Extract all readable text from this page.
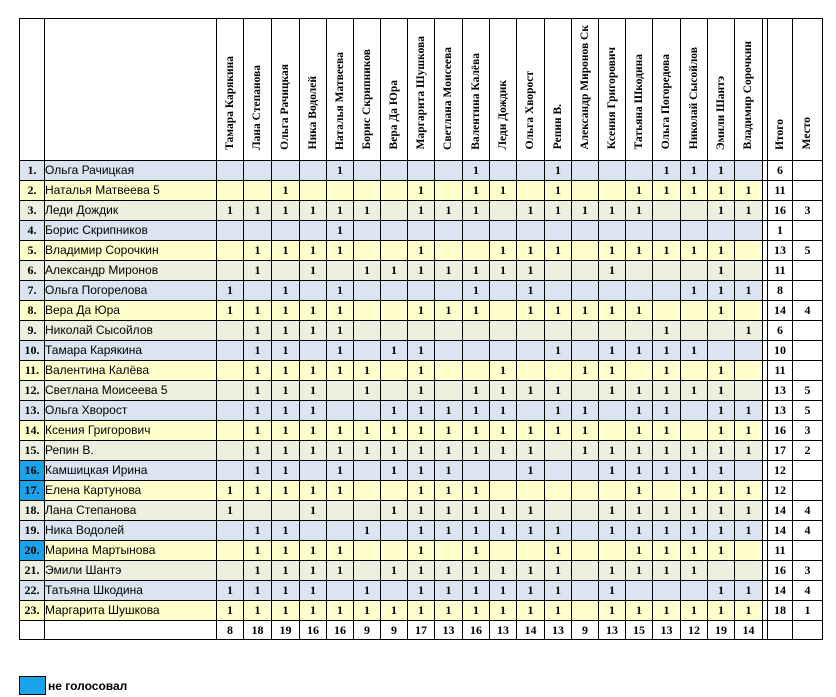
		Тамара Карякина	Лана Степанова	Ольга Рачицкая	Ника Водолей	Наталья Матвеева	Борис Скрипников	Вера Да Юра	Маргарита Шушкова	Светлана Моисеева	Валентина Калёва	Леди Дождик	Ольга Хворост	Репин В.	Александр Миронов Ск	Ксения Григорович	Татьяна Шкодина	Ольга Погоредова	Николай Сысойлов	Эмили Шантэ	Владимир Сорочкин		Итого	Место
1.	Ольга Рачицкая					1					1			1				1	1	1			6	
2.	Наталья Матвеева 5			1					1		1	1		1			1	1	1	1	1		11	
3.	Леди Дождик	1	1	1	1	1	1		1	1	1		1	1	1	1	1			1	1		16	3
4.	Борис Скрипников					1																	1	
5.	Владимир Сорочкин		1	1	1	1			1			1	1	1		1	1	1	1	1			13	5
6.	Александр Миронов		1		1		1	1	1	1	1	1	1			1				1			11	
7.	Ольга Погорелова	1		1		1					1		1						1	1	1		8	
8.	Вера Да Юра	1	1	1	1	1			1	1	1		1	1	1	1	1			1			14	4
9.	Николай Сысойлов		1	1	1	1												1			1		6	
10.	Тамара Карякина		1	1		1		1	1					1		1	1	1	1				10	
11.	Валентина Калёва		1	1	1	1	1		1			1			1	1		1		1			11	
12.	Светлана Моисеева 5		1	1	1		1		1		1	1	1	1		1	1	1	1	1			13	5
13.	Ольга Хворост		1	1	1			1	1	1	1	1		1	1		1	1		1	1		13	5
14.	Ксения Григорович		1	1	1	1	1	1	1	1	1	1	1	1	1		1	1		1	1		16	3
15.	Репин В.		1	1	1	1	1	1	1	1	1	1	1		1	1	1	1	1	1	1		17	2
16.	Камшицкая Ирина		1	1		1		1	1	1			1			1	1	1	1	1			12	
17.	Елена Картунова	1	1	1	1	1			1	1	1						1		1	1	1		12	
18.	Лана Степанова	1			1			1	1	1	1	1	1			1	1	1	1	1	1		14	4
19.	Ника Водолей		1	1			1		1	1	1	1	1	1		1	1	1	1	1	1		14	4
20.	Марина Мартынова		1	1	1	1			1		1			1			1	1	1	1			11	
21.	Эмили Шантэ		1	1	1	1		1	1	1	1	1	1	1		1	1	1	1				16	3
22.	Татьяна Шкодина	1	1	1	1		1		1	1	1	1	1	1		1				1	1		14	4
23.	Маргарита Шушкова	1	1	1	1	1	1	1	1	1	1	1	1	1		1	1	1	1	1	1		18	1
		8	18	19	16	16	9	9	17	13	16	13	14	13	9	13	15	13	12	19	14			
не голосовал
